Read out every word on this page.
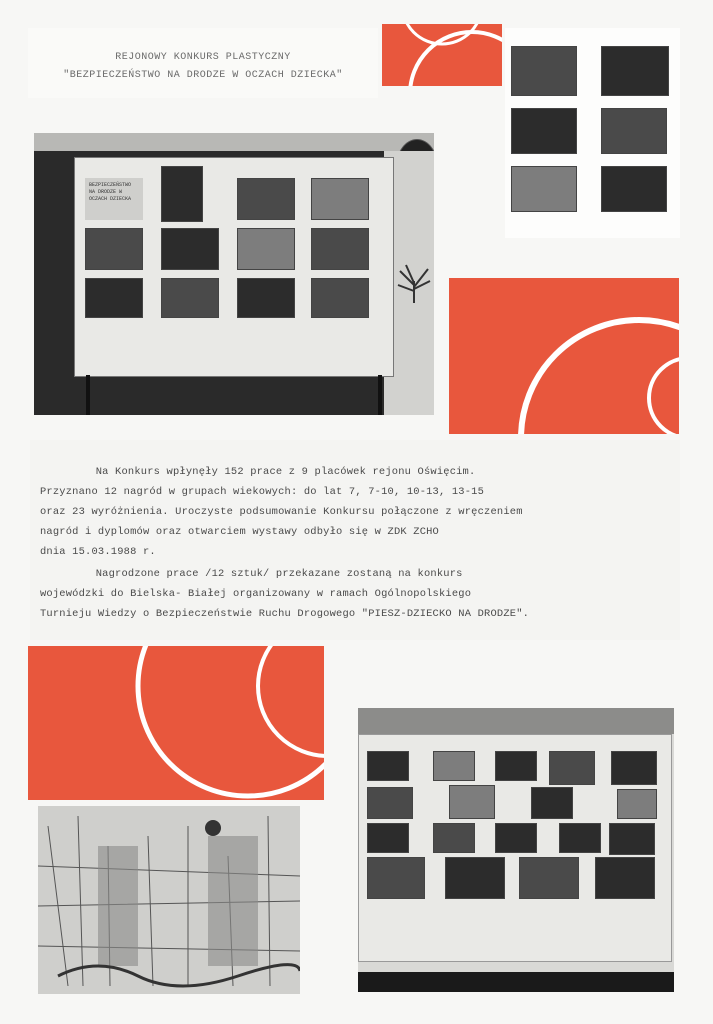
REJONOWY KONKURS PLASTYCZNY
"BEZPIECZEŃSTWO NA DRODZE W OCZACH DZIECKA"
BEZPIECZEŃSTWO NA DRODZE W OCZACH DZIECKA
Na Konkurs wpłynęły 152 prace z 9 placówek rejonu Oświęcim.
Przyznano 12 nagród w grupach wiekowych: do lat 7, 7-10, 10-13, 13-15
oraz 23 wyróżnienia. Uroczyste podsumowanie Konkursu połączone z wręczeniem
nagród i dyplomów oraz otwarciem wystawy odbyło się w ZDK ZCHO
dnia 15.03.1988 r.
Nagrodzone prace /12 sztuk/ przekazane zostaną na konkurs
wojewódzki do Bielska- Białej organizowany w ramach Ogólnopolskiego
Turnieju Wiedzy o Bezpieczeństwie Ruchu Drogowego "PIESZ-DZIECKO NA DRODZE".
